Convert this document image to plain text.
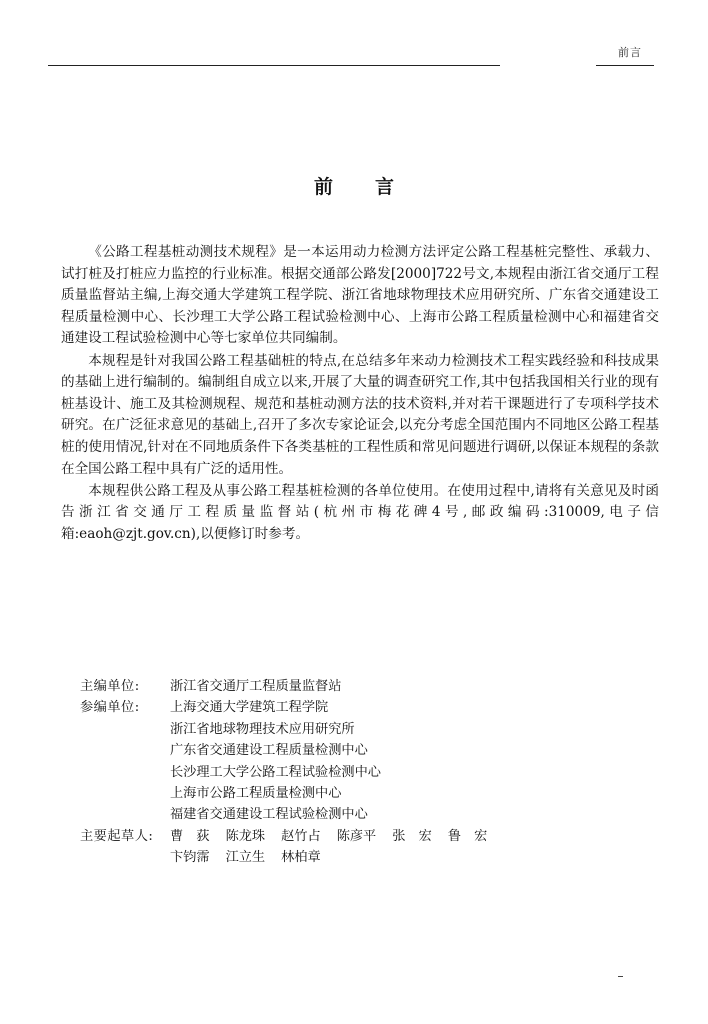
前言
前言

《公路工程基桩动测技术规程》是一本运用动力检测方法评定公路工程基桩完整性、承载力、试打桩及打桩应力监控的行业标准。根据交通部公路发[2000]722号文,本规程由浙江省交通厅工程质量监督站主编,上海交通大学建筑工程学院、浙江省地球物理技术应用研究所、广东省交通建设工程质量检测中心、长沙理工大学公路工程试验检测中心、上海市公路工程质量检测中心和福建省交通建设工程试验检测中心等七家单位共同编制。

本规程是针对我国公路工程基础桩的特点,在总结多年来动力检测技术工程实践经验和科技成果的基础上进行编制的。编制组自成立以来,开展了大量的调查研究工作,其中包括我国相关行业的现有桩基设计、施工及其检测规程、规范和基桩动测方法的技术资料,并对若干课题进行了专项科学技术研究。在广泛征求意见的基础上,召开了多次专家论证会,以充分考虑全国范围内不同地区公路工程基桩的使用情况,针对在不同地质条件下各类基桩的工程性质和常见问题进行调研,以保证本规程的条款在全国公路工程中具有广泛的适用性。

本规程供公路工程及从事公路工程基桩检测的各单位使用。在使用过程中,请将有关意见及时函告浙江省交通厅工程质量监督站(杭州市梅花碑4号,邮政编码:310009,电子信箱:eaoh@zjt.gov.cn),以便修订时参考。

主编单位:	浙江省交通厅工程质量监督站
参编单位:	上海交通大学建筑工程学院
浙江省地球物理技术应用研究所
广东省交通建设工程质量检测中心
长沙理工大学公路工程试验检测中心
上海市公路工程质量检测中心
福建省交通建设工程试验检测中心
主要起草人:	曹　荻 陈龙珠 赵竹占 陈彦平 张　宏 鲁　宏
卞钧霈 江立生 林柏章
